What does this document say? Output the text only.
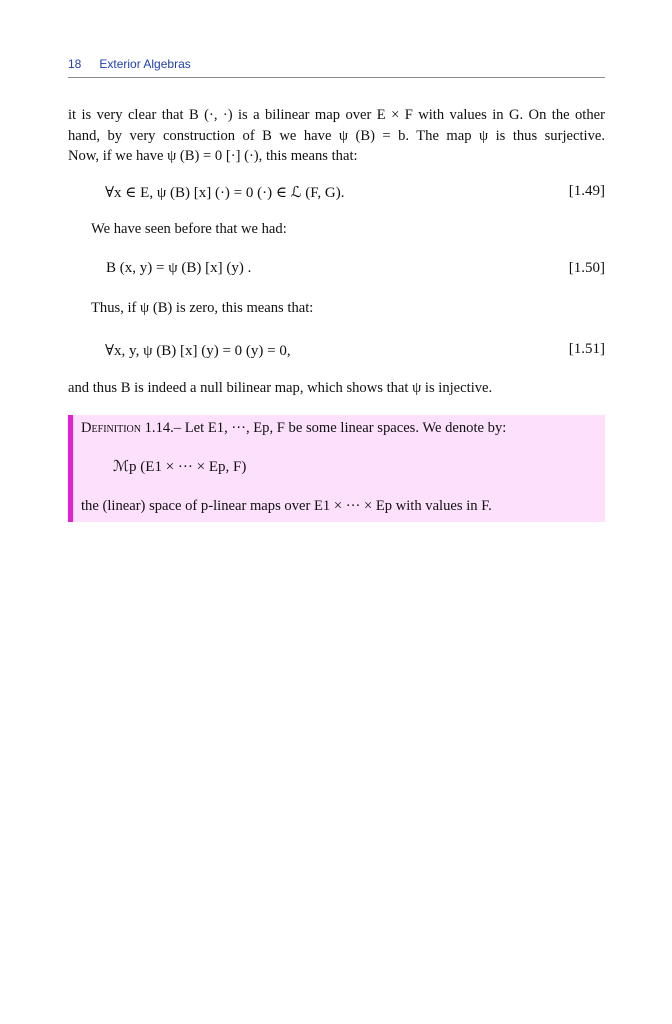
18 Exterior Algebras
it is very clear that B (·, ·) is a bilinear map over E × F with values in G. On the other
hand, by very construction of B we have ψ (B) = b. The map ψ is thus surjective.
Now, if we have ψ (B) = 0 [·] (·), this means that:
∀x ∈ E, ψ (B) [x] (·) = 0 (·) ∈ ℒ (F, G).	[1.49]
We have seen before that we had:
B (x, y) = ψ (B) [x] (y) .	[1.50]
Thus, if ψ (B) is zero, this means that:
∀x, y, ψ (B) [x] (y) = 0 (y) = 0,	[1.51]
and thus B is indeed a null bilinear map, which shows that ψ is injective.
Definition 1.14.– Let E1, ···, Ep, F be some linear spaces. We denote by:
ℳp (E1 × ··· × Ep, F)
the (linear) space of p-linear maps over E1 × ··· × Ep with values in F.
